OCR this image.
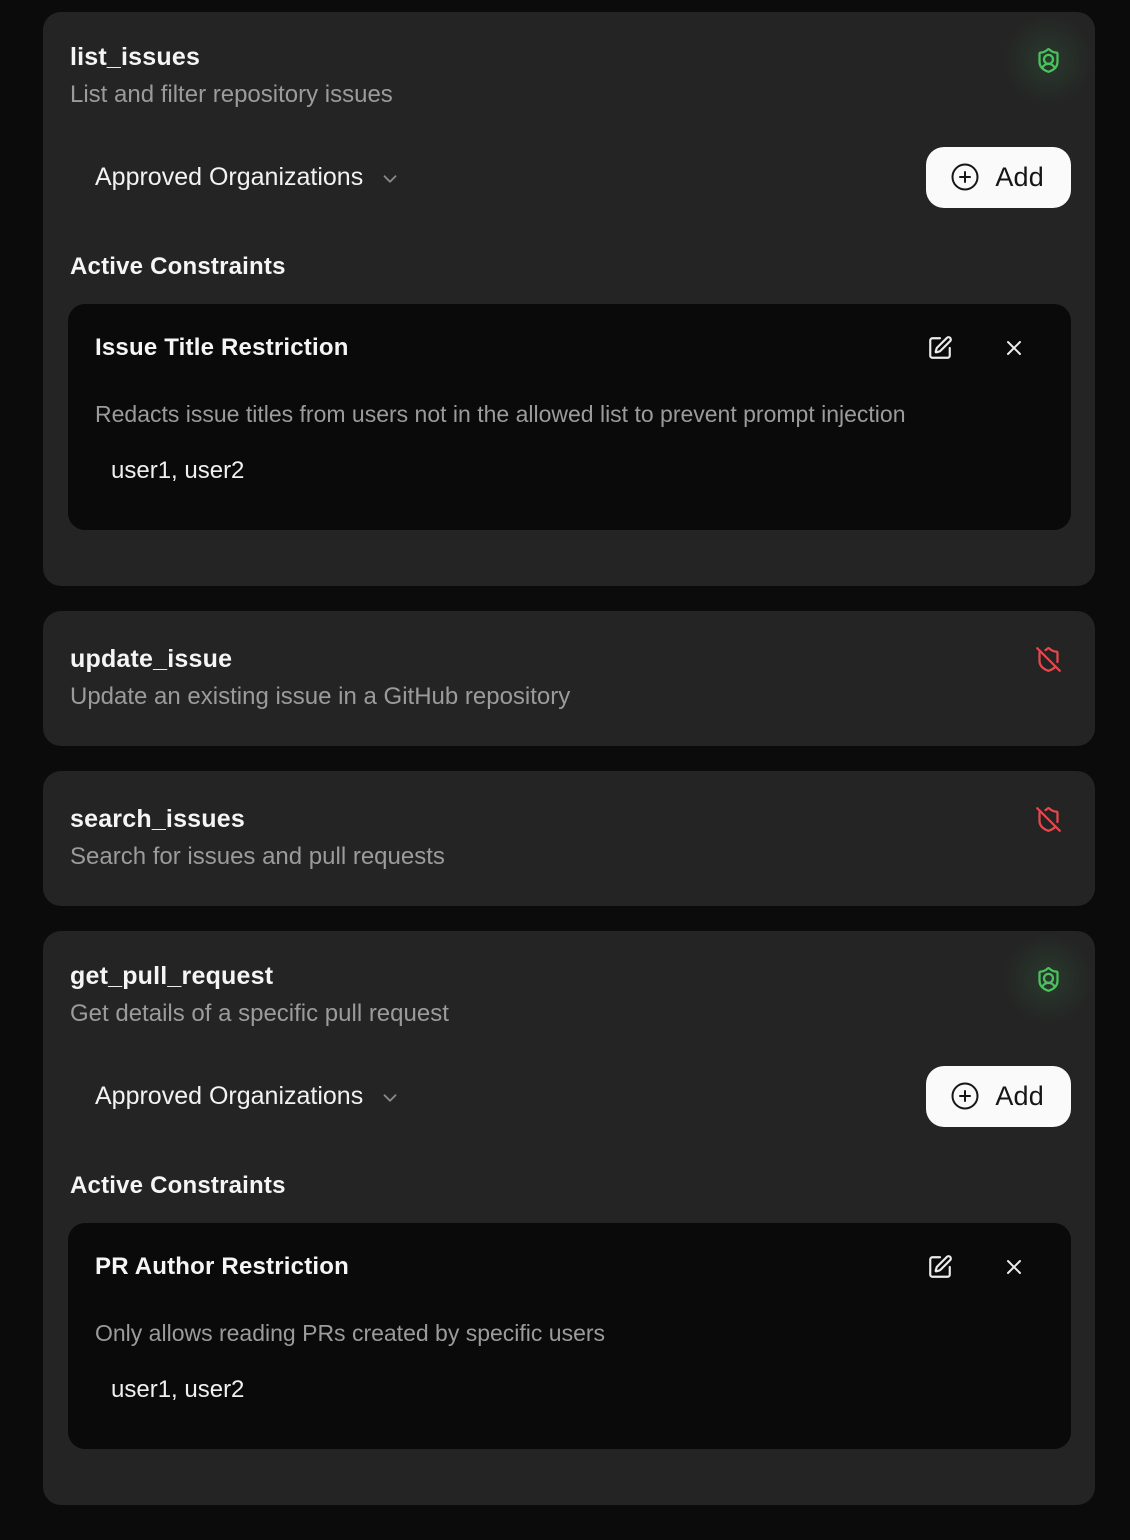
list_issues
List and filter repository issues
Approved Organizations	Add
Active Constraints
Issue Title Restriction
Redacts issue titles from users not in the allowed list to prevent prompt injection
user1, user2
update_issue
Update an existing issue in a GitHub repository
search_issues
Search for issues and pull requests
get_pull_request
Get details of a specific pull request
Approved Organizations	Add
Active Constraints
PR Author Restriction
Only allows reading PRs created by specific users
user1, user2
